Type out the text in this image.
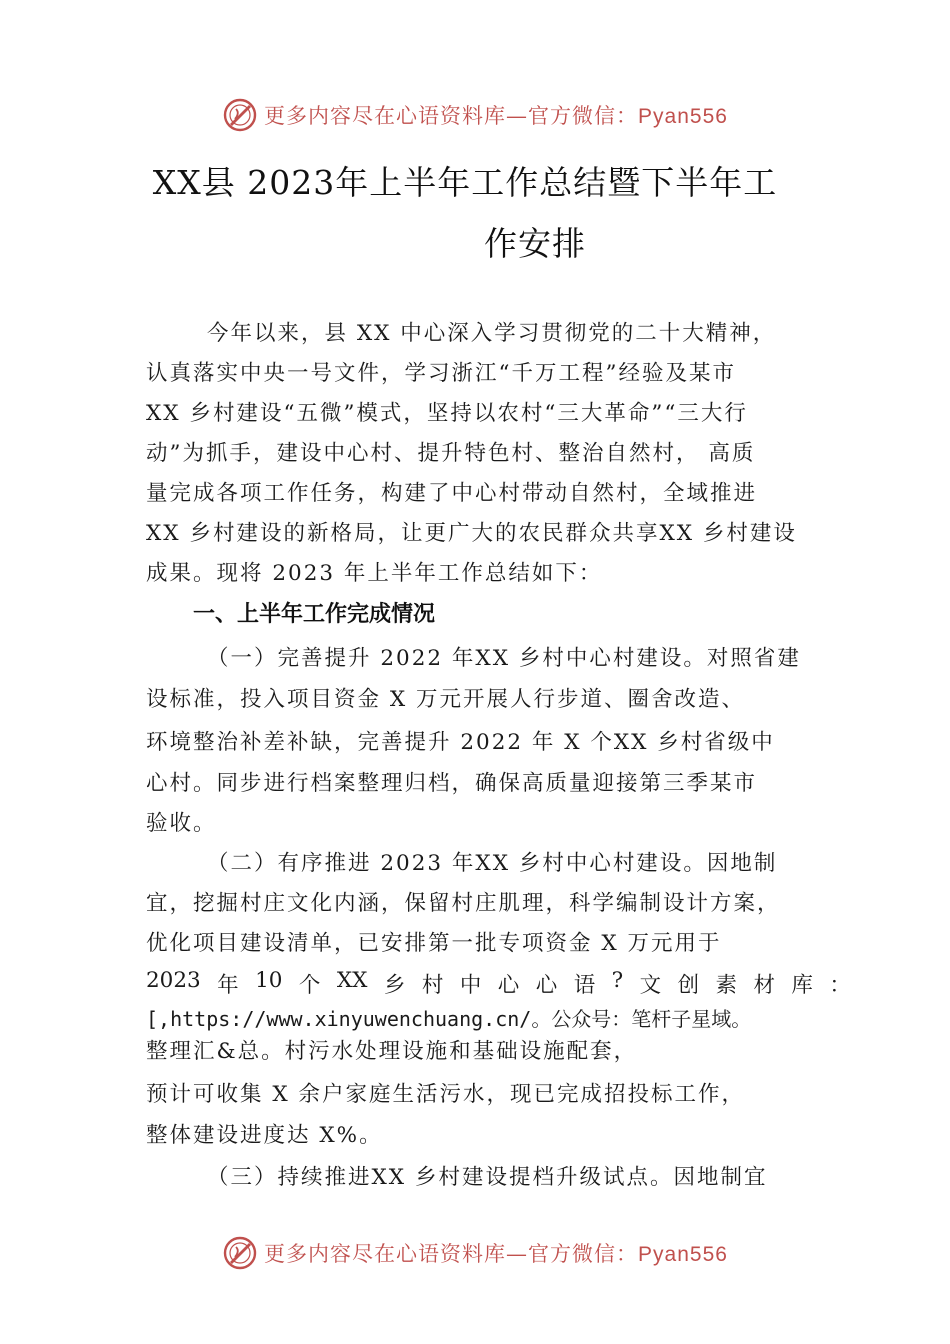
更多内容尽在心语资料库—官方微信：Pyan556
XX县 2023年上半年工作总结暨下半年工
作安排
今年以来，县 XX 中心深入学习贯彻党的二十大精神，
认真落实中央一号文件，学习浙江“千万工程”经验及某市
XX 乡村建设“五微”模式，坚持以农村“三大革命”“三大行
动”为抓手，建设中心村、提升特色村、整治自然村， 高质
量完成各项工作任务，构建了中心村带动自然村，全域推进
XX 乡村建设的新格局，让更广大的农民群众共享XX 乡村建设
成果。现将 2023 年上半年工作总结如下：
一、上半年工作完成情况
（一）完善提升 2022 年XX 乡村中心村建设。对照省建
设标准，投入项目资金 X 万元开展人行步道、圈舍改造、
环境整治补差补缺，完善提升 2022 年 X 个XX 乡村省级中
心村。同步进行档案整理归档，确保高质量迎接第三季某市
验收。
（二）有序推进 2023 年XX 乡村中心村建设。因地制
宜，挖掘村庄文化内涵，保留村庄肌理，科学编制设计方案，
优化项目建设清单，已安排第一批专项资金 X 万元用于
2023 年 10 个 XX 乡 村 中 心 心 语 ? 文 创 素 材 库 ：
[,https://www.xinyuwenchuang.cn/。公众号：笔杆子星域。
整理汇&总。村污水处理设施和基础设施配套，
预计可收集 X 余户家庭生活污水，现已完成招投标工作，
整体建设进度达 X%。
（三）持续推进XX 乡村建设提档升级试点。因地制宜
更多内容尽在心语资料库—官方微信：Pyan556
